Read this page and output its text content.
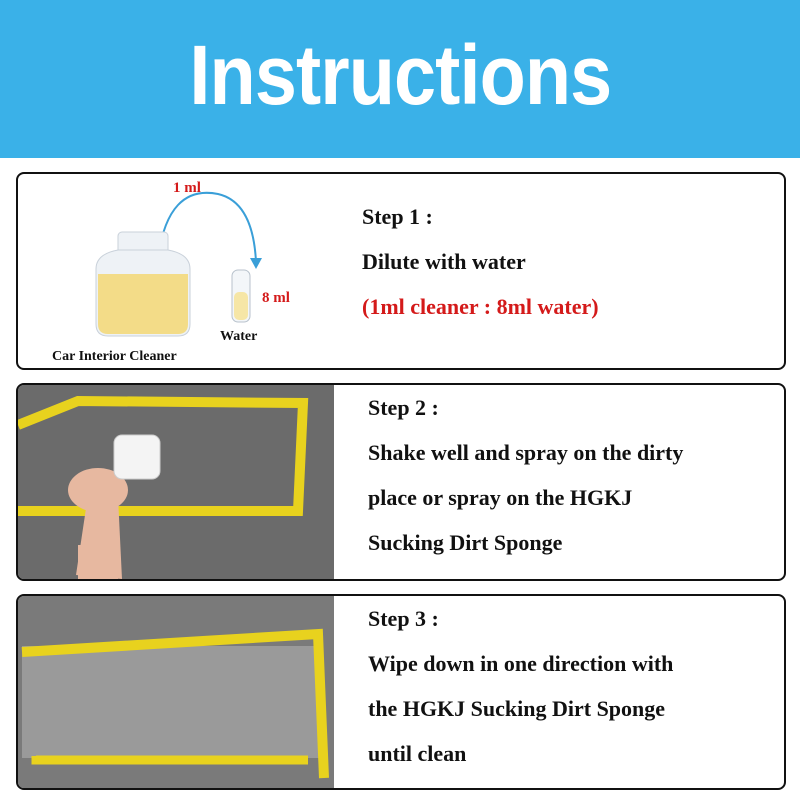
Instructions
1 ml
8 ml
Water
Car Interior Cleaner
Step 1 :
Dilute with water
(1ml cleaner : 8ml water)
Step 2 :
Shake well and spray on the dirty
place or spray on the HGKJ
Sucking Dirt Sponge
Step 3 :
Wipe down in one direction with
the HGKJ Sucking Dirt Sponge
until clean
